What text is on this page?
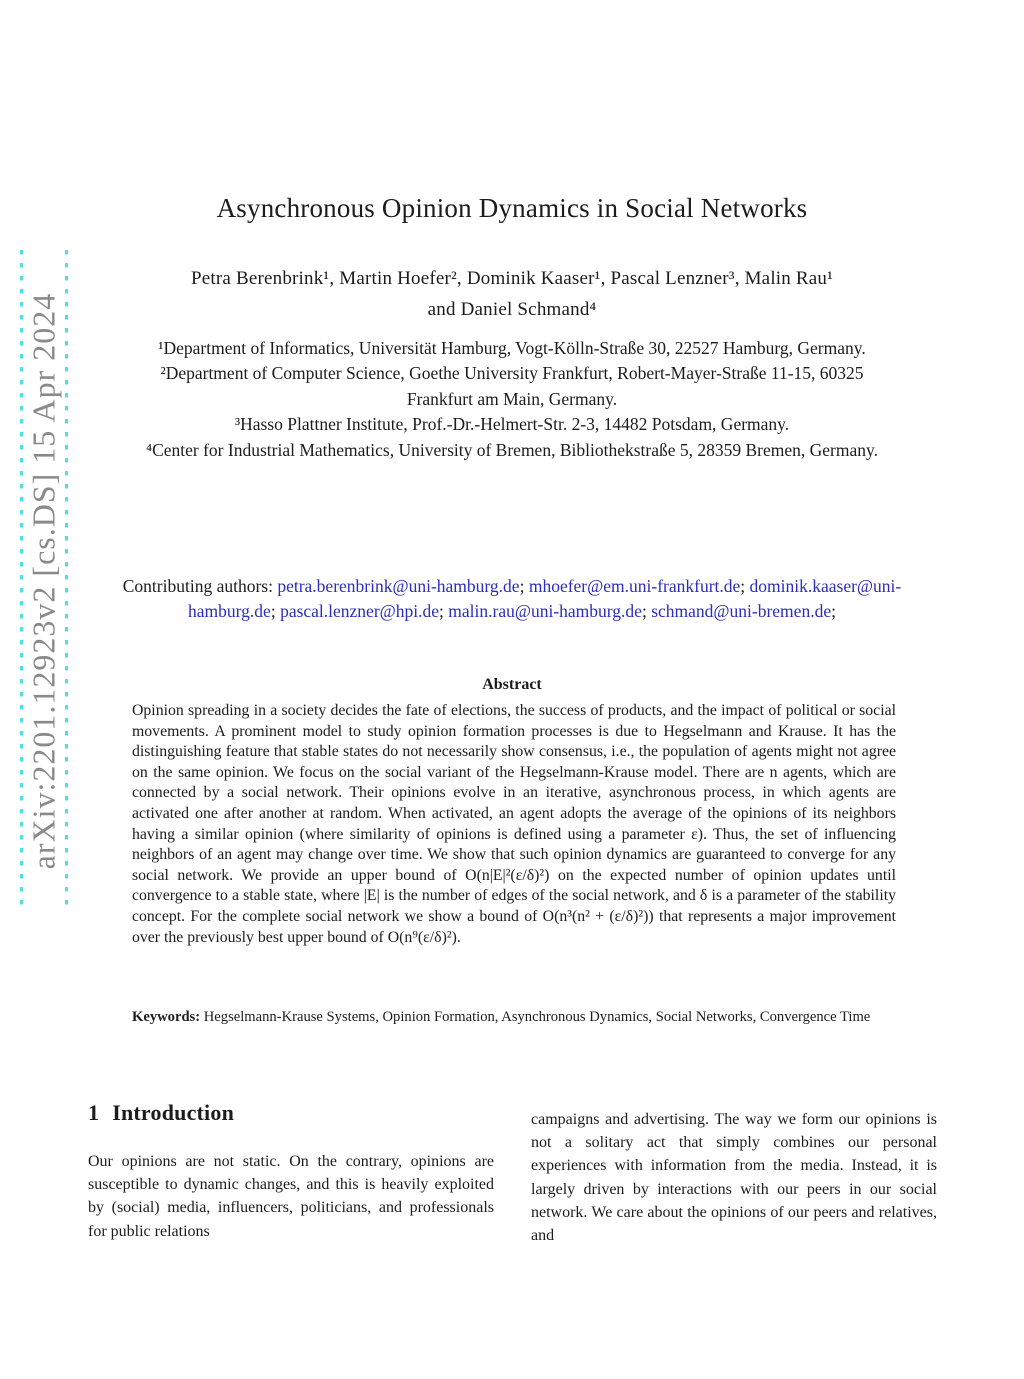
arXiv:2201.12923v2 [cs.DS] 15 Apr 2024
Asynchronous Opinion Dynamics in Social Networks
Petra Berenbrink¹, Martin Hoefer², Dominik Kaaser¹, Pascal Lenzner³, Malin Rau¹
and Daniel Schmand⁴
¹Department of Informatics, Universität Hamburg, Vogt-Kölln-Straße 30, 22527 Hamburg, Germany.
²Department of Computer Science, Goethe University Frankfurt, Robert-Mayer-Straße 11-15, 60325 Frankfurt am Main, Germany.
³Hasso Plattner Institute, Prof.-Dr.-Helmert-Str. 2-3, 14482 Potsdam, Germany.
⁴Center for Industrial Mathematics, University of Bremen, Bibliothekstraße 5, 28359 Bremen, Germany.

Contributing authors: petra.berenbrink@uni-hamburg.de; mhoefer@em.uni-frankfurt.de; dominik.kaaser@uni-hamburg.de; pascal.lenzner@hpi.de; malin.rau@uni-hamburg.de; schmand@uni-bremen.de;

Abstract
Opinion spreading in a society decides the fate of elections, the success of products, and the impact of political or social movements. A prominent model to study opinion formation processes is due to Hegselmann and Krause. It has the distinguishing feature that stable states do not necessarily show consensus, i.e., the population of agents might not agree on the same opinion. We focus on the social variant of the Hegselmann-Krause model. There are n agents, which are connected by a social network. Their opinions evolve in an iterative, asynchronous process, in which agents are activated one after another at random. When activated, an agent adopts the average of the opinions of its neighbors having a similar opinion (where similarity of opinions is defined using a parameter ε). Thus, the set of influencing neighbors of an agent may change over time. We show that such opinion dynamics are guaranteed to converge for any social network. We provide an upper bound of O(n|E|²(ε/δ)²) on the expected number of opinion updates until convergence to a stable state, where |E| is the number of edges of the social network, and δ is a parameter of the stability concept. For the complete social network we show a bound of O(n³(n² + (ε/δ)²)) that represents a major improvement over the previously best upper bound of O(n⁹(ε/δ)²).
Keywords: Hegselmann-Krause Systems, Opinion Formation, Asynchronous Dynamics, Social Networks, Convergence Time
1 Introduction
Our opinions are not static. On the contrary, opinions are susceptible to dynamic changes, and this is heavily exploited by (social) media, influencers, politicians, and professionals for public relations
campaigns and advertising. The way we form our opinions is not a solitary act that simply combines our personal experiences with information from the media. Instead, it is largely driven by interactions with our peers in our social network. We care about the opinions of our peers and relatives, and
